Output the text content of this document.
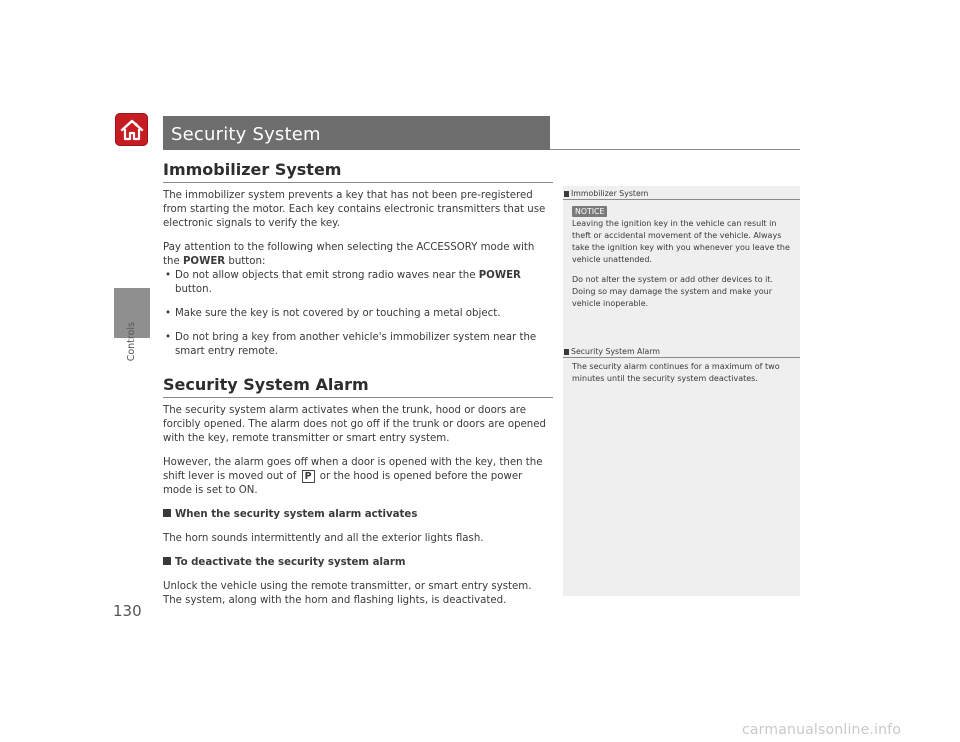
Controls
130
Security System
Immobilizer System

The immobilizer system prevents a key that has not been pre-registered from starting the motor. Each key contains electronic transmitters that use electronic signals to verify the key.

Pay attention to the following when selecting the ACCESSORY mode with the POWER button:

• Do not allow objects that emit strong radio waves near the POWER button.

• Make sure the key is not covered by or touching a metal object.

• Do not bring a key from another vehicle's immobilizer system near the smart entry remote.

Security System Alarm

The security system alarm activates when the trunk, hood or doors are forcibly opened. The alarm does not go off if the trunk or doors are opened with the key, remote transmitter or smart entry system.

However, the alarm goes off when a door is opened with the key, then the shift lever is moved out of P or the hood is opened before the power mode is set to ON.

When the security system alarm activates

The horn sounds intermittently and all the exterior lights flash.

To deactivate the security system alarm

Unlock the vehicle using the remote transmitter, or smart entry system. The system, along with the horn and flashing lights, is deactivated.

Immobilizer System
NOTICE

Leaving the ignition key in the vehicle can result in theft or accidental movement of the vehicle. Always take the ignition key with you whenever you leave the vehicle unattended.

Do not alter the system or add other devices to it. Doing so may damage the system and make your vehicle inoperable.

Security System Alarm

The security alarm continues for a maximum of two minutes until the security system deactivates.

carmanualsonline.info
